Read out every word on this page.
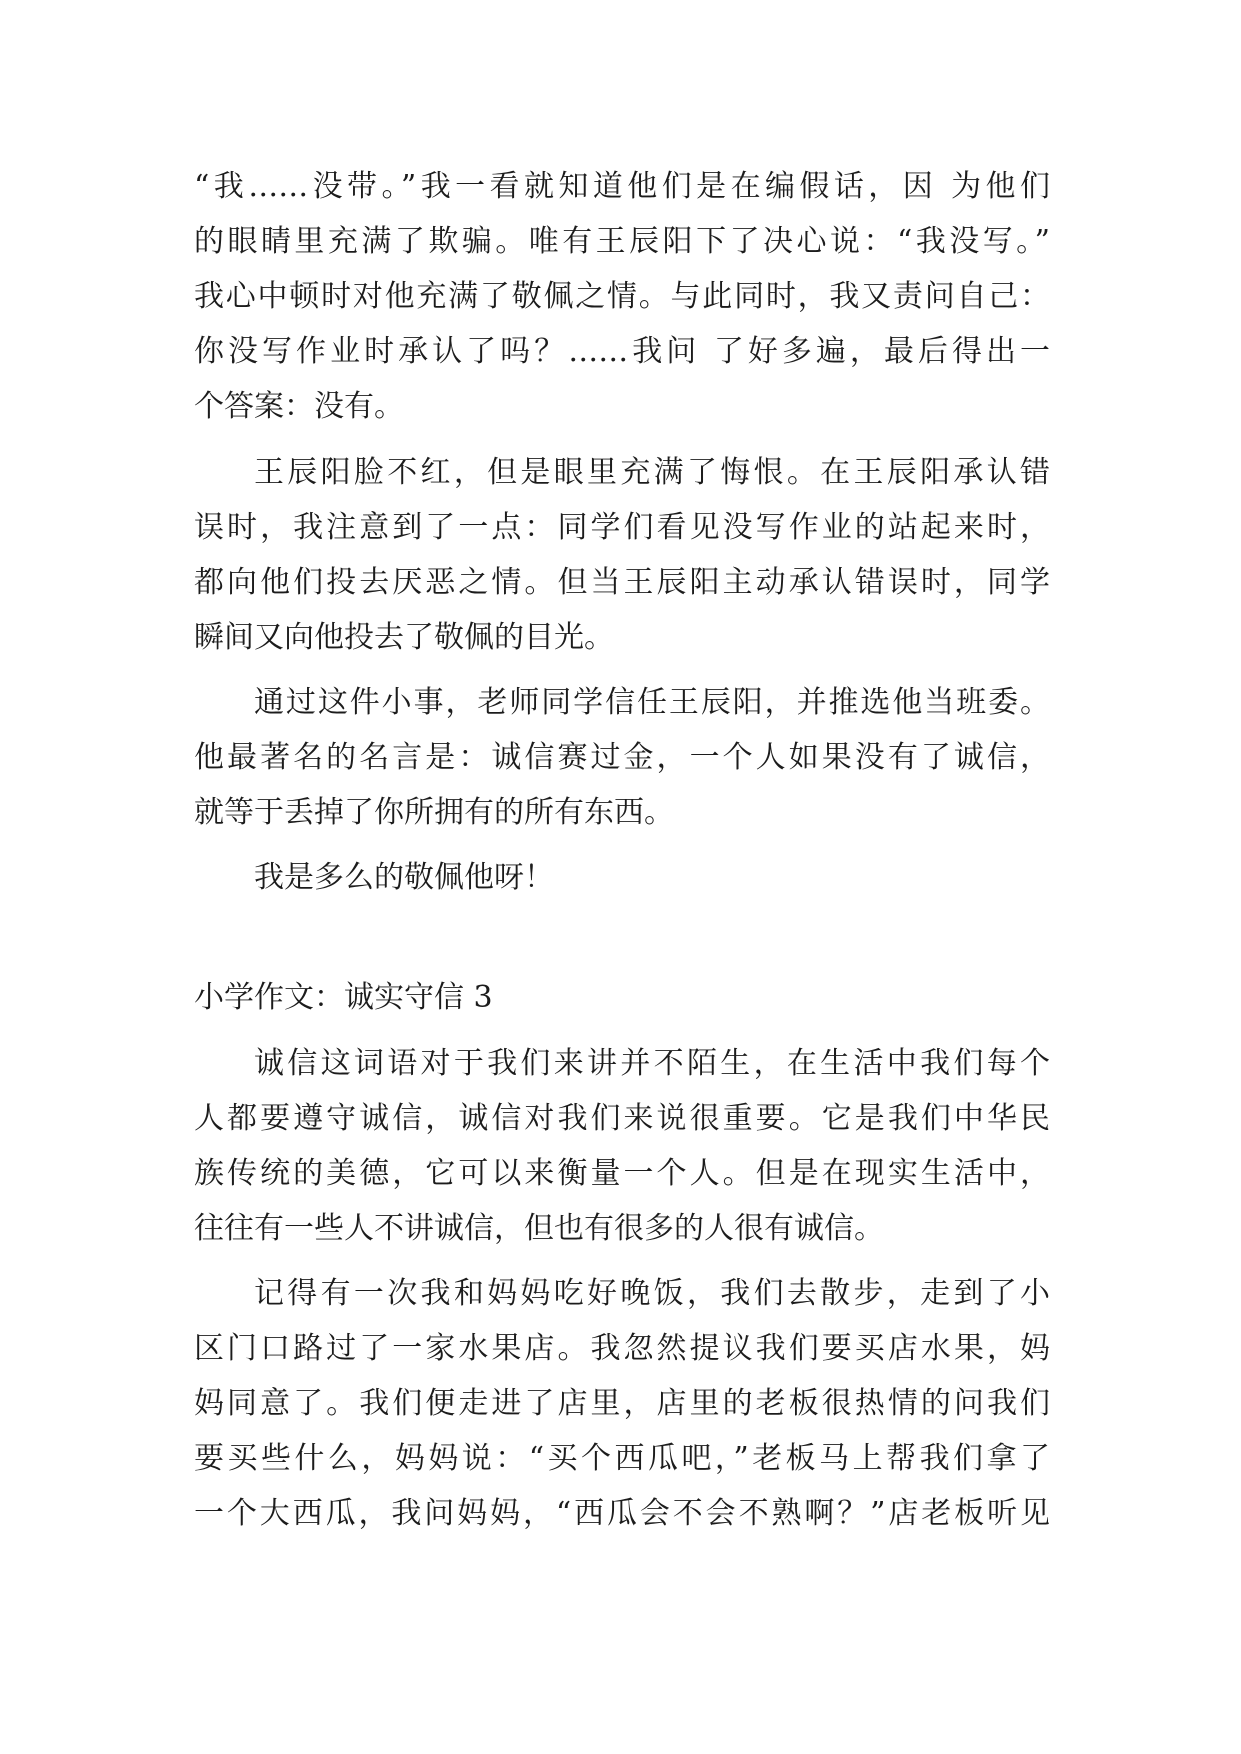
“我……没带。”我一看就知道他们是在编假话，因 为他们
的眼睛里充满了欺骗。唯有王辰阳下了决心说：“我没写。”
我心中顿时对他充满了敬佩之情。与此同时，我又责问自己：
你没写作业时承认了吗？……我问 了好多遍，最后得出一
个答案：没有。
王辰阳脸不红，但是眼里充满了悔恨。在王辰阳承认错
误时，我注意到了一点：同学们看见没写作业的站起来时，
都向他们投去厌恶之情。但当王辰阳主动承认错误时，同学
瞬间又向他投去了敬佩的目光。
通过这件小事，老师同学信任王辰阳，并推选他当班委。
他最著名的名言是：诚信赛过金，一个人如果没有了诚信，
就等于丢掉了你所拥有的所有东西。
我是多么的敬佩他呀！
小学作文：诚实守信 3
诚信这词语对于我们来讲并不陌生，在生活中我们每个
人都要遵守诚信，诚信对我们来说很重要。它是我们中华民
族传统的美德，它可以来衡量一个人。但是在现实生活中，
往往有一些人不讲诚信，但也有很多的人很有诚信。
记得有一次我和妈妈吃好晚饭，我们去散步，走到了小
区门口路过了一家水果店。我忽然提议我们要买店水果，妈
妈同意了。我们便走进了店里，店里的老板很热情的问我们
要买些什么，妈妈说：“买个西瓜吧，”老板马上帮我们拿了
一个大西瓜，我问妈妈，“西瓜会不会不熟啊？”店老板听见
